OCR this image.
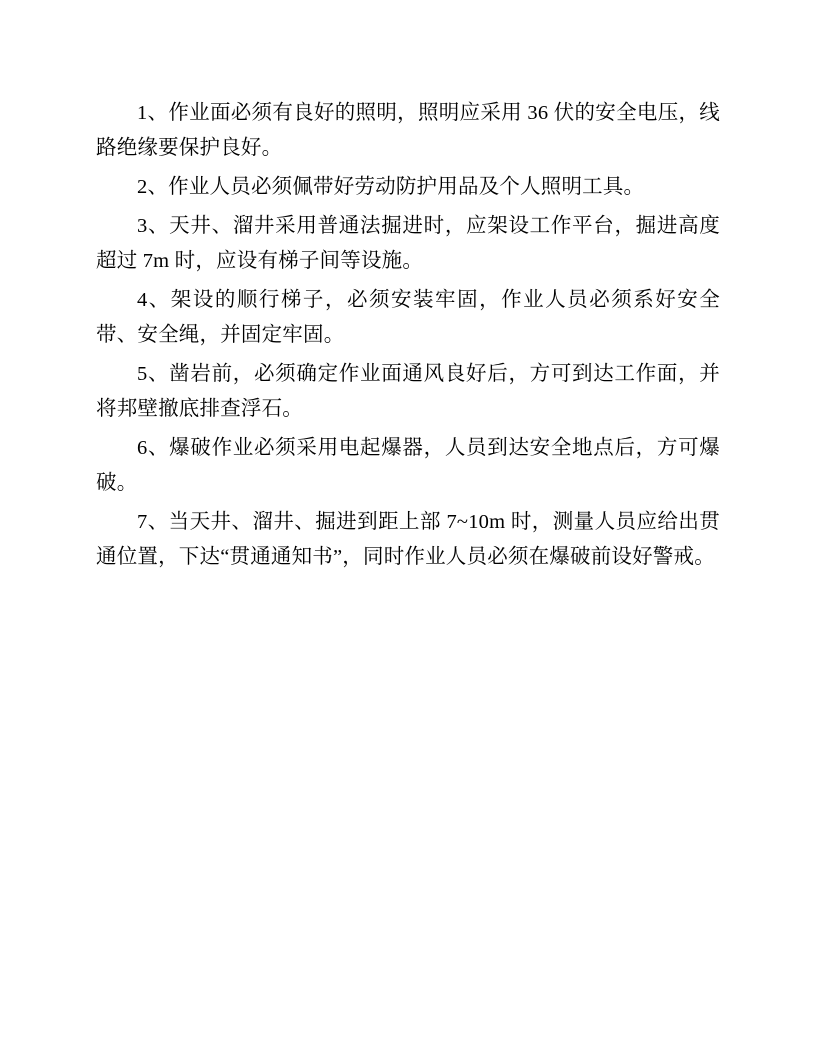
1、作业面必须有良好的照明，照明应采用 36 伏的安全电压，线路绝缘要保护良好。

2、作业人员必须佩带好劳动防护用品及个人照明工具。

3、天井、溜井采用普通法掘进时，应架设工作平台，掘进高度超过 7m 时，应设有梯子间等设施。

4、架设的顺行梯子，必须安装牢固，作业人员必须系好安全带、安全绳，并固定牢固。

5、凿岩前，必须确定作业面通风良好后，方可到达工作面，并将邦壁撤底排查浮石。

6、爆破作业必须采用电起爆器，人员到达安全地点后，方可爆破。

7、当天井、溜井、掘进到距上部 7~10m 时，测量人员应给出贯通位置，下达“贯通通知书”，同时作业人员必须在爆破前设好警戒。
